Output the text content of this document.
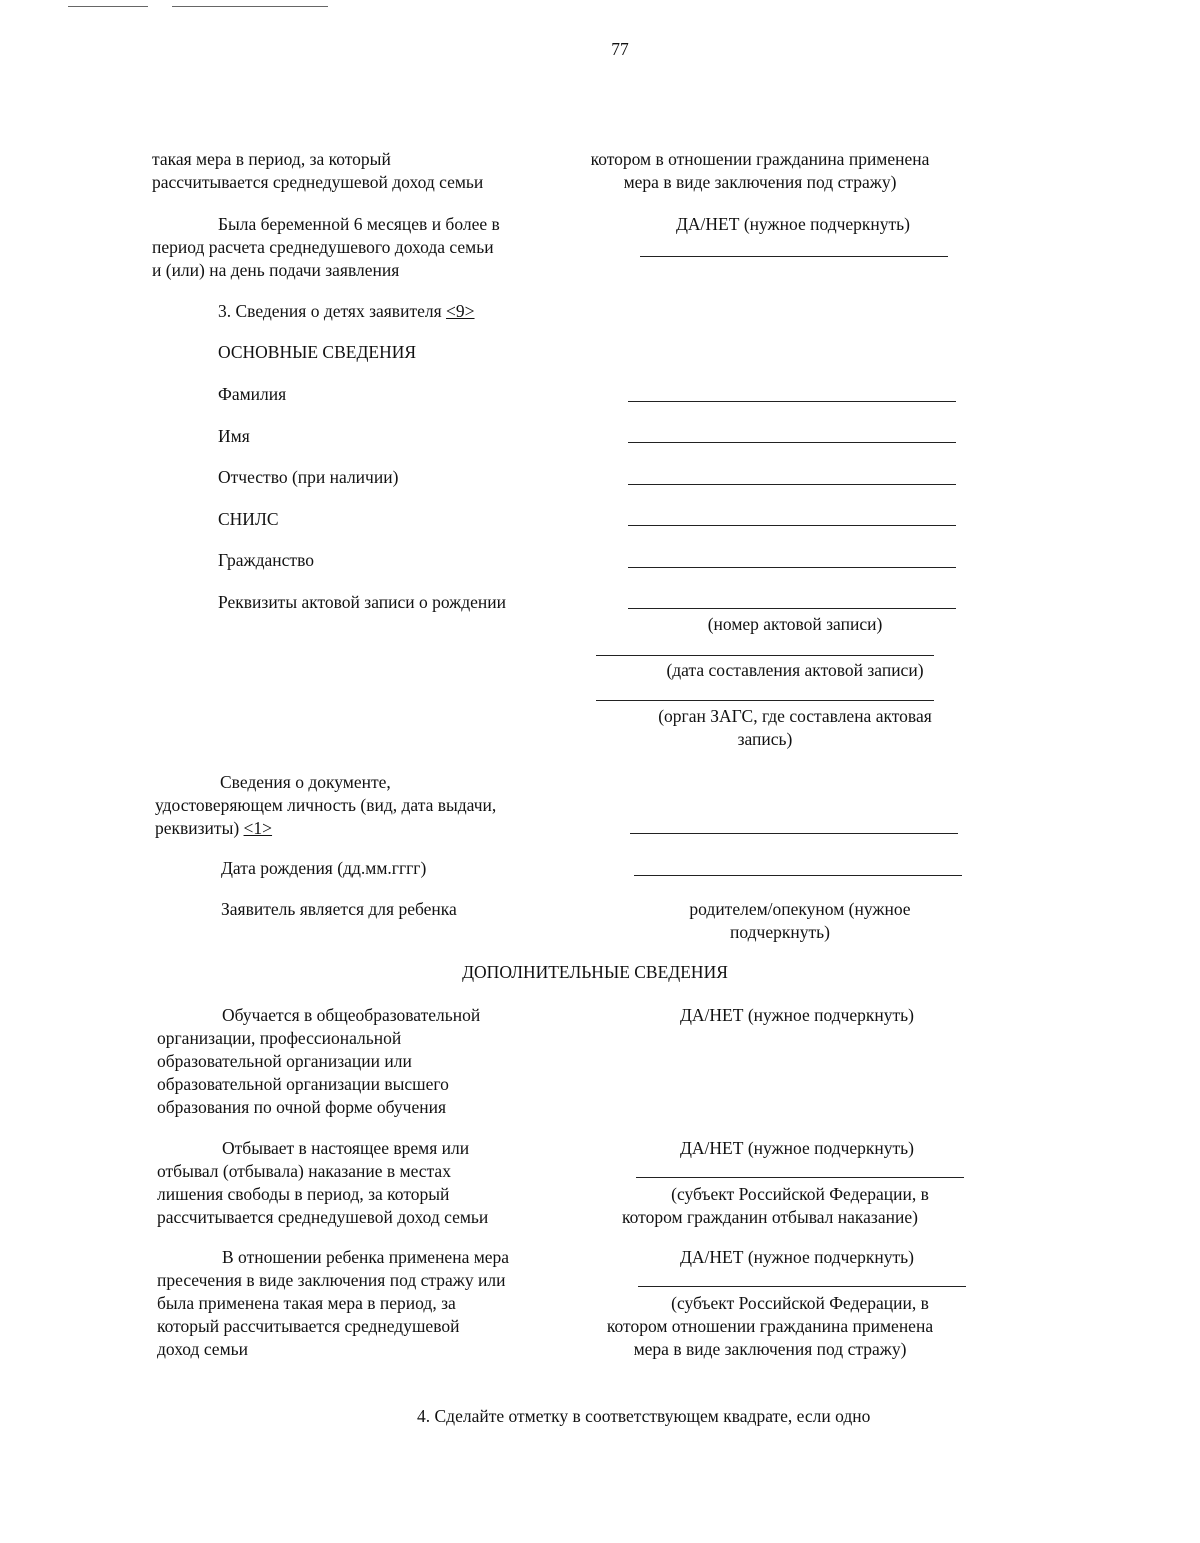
77
такая мера в период, за который
рассчитывается среднедушевой доход семьи
котором в отношении гражданина применена
мера в виде заключения под стражу)
Была беременной 6 месяцев и более в
период расчета среднедушевого дохода семьи
и (или) на день подачи заявления
ДА/НЕТ (нужное подчеркнуть)
3. Сведения о детях заявителя <9>
ОСНОВНЫЕ СВЕДЕНИЯ
Фамилия
Имя
Отчество (при наличии)
СНИЛС
Гражданство
Реквизиты актовой записи о рождении
(номер актовой записи)
(дата составления актовой записи)
(орган ЗАГС, где составлена актовая
запись)
Сведения о документе,
удостоверяющем личность (вид, дата выдачи,
реквизиты) <1>
Дата рождения (дд.мм.гггг)
Заявитель является для ребенка	родителем/опекуном (нужное
подчеркнуть)
ДОПОЛНИТЕЛЬНЫЕ СВЕДЕНИЯ
Обучается в общеобразовательной
организации, профессиональной
образовательной организации или
образовательной организации высшего
образования по очной форме обучения
ДА/НЕТ (нужное подчеркнуть)
Отбывает в настоящее время или
отбывал (отбывала) наказание в местах
лишения свободы в период, за который
рассчитывается среднедушевой доход семьи
ДА/НЕТ (нужное подчеркнуть)
(субъект Российской Федерации, в
котором гражданин отбывал наказание)
В отношении ребенка применена мера
пресечения в виде заключения под стражу или
была применена такая мера в период, за
который рассчитывается среднедушевой
доход семьи
ДА/НЕТ (нужное подчеркнуть)
(субъект Российской Федерации, в
котором отношении гражданина применена
мера в виде заключения под стражу)
4. Сделайте отметку в соответствующем квадрате, если одно
